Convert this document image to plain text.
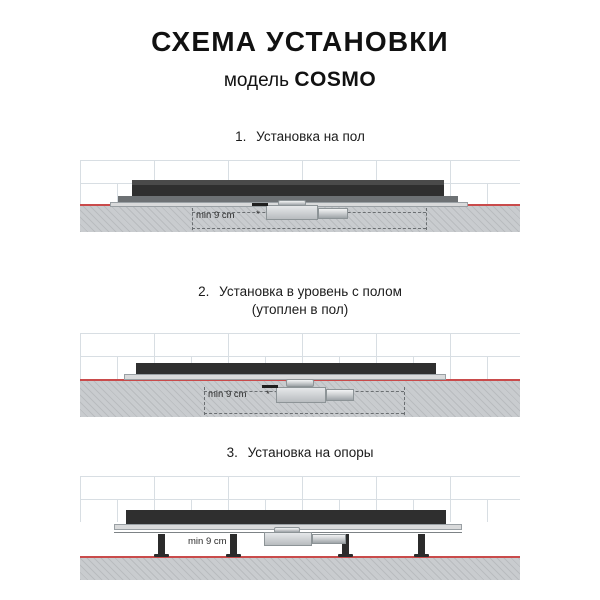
СХЕМА УСТАНОВКИ
модель COSMO
1. Установка на пол
min 9 cm *
2. Установка в уровень с полом
(утоплен в пол)
min 9 cm *
3. Установка на опоры
min 9 cm
